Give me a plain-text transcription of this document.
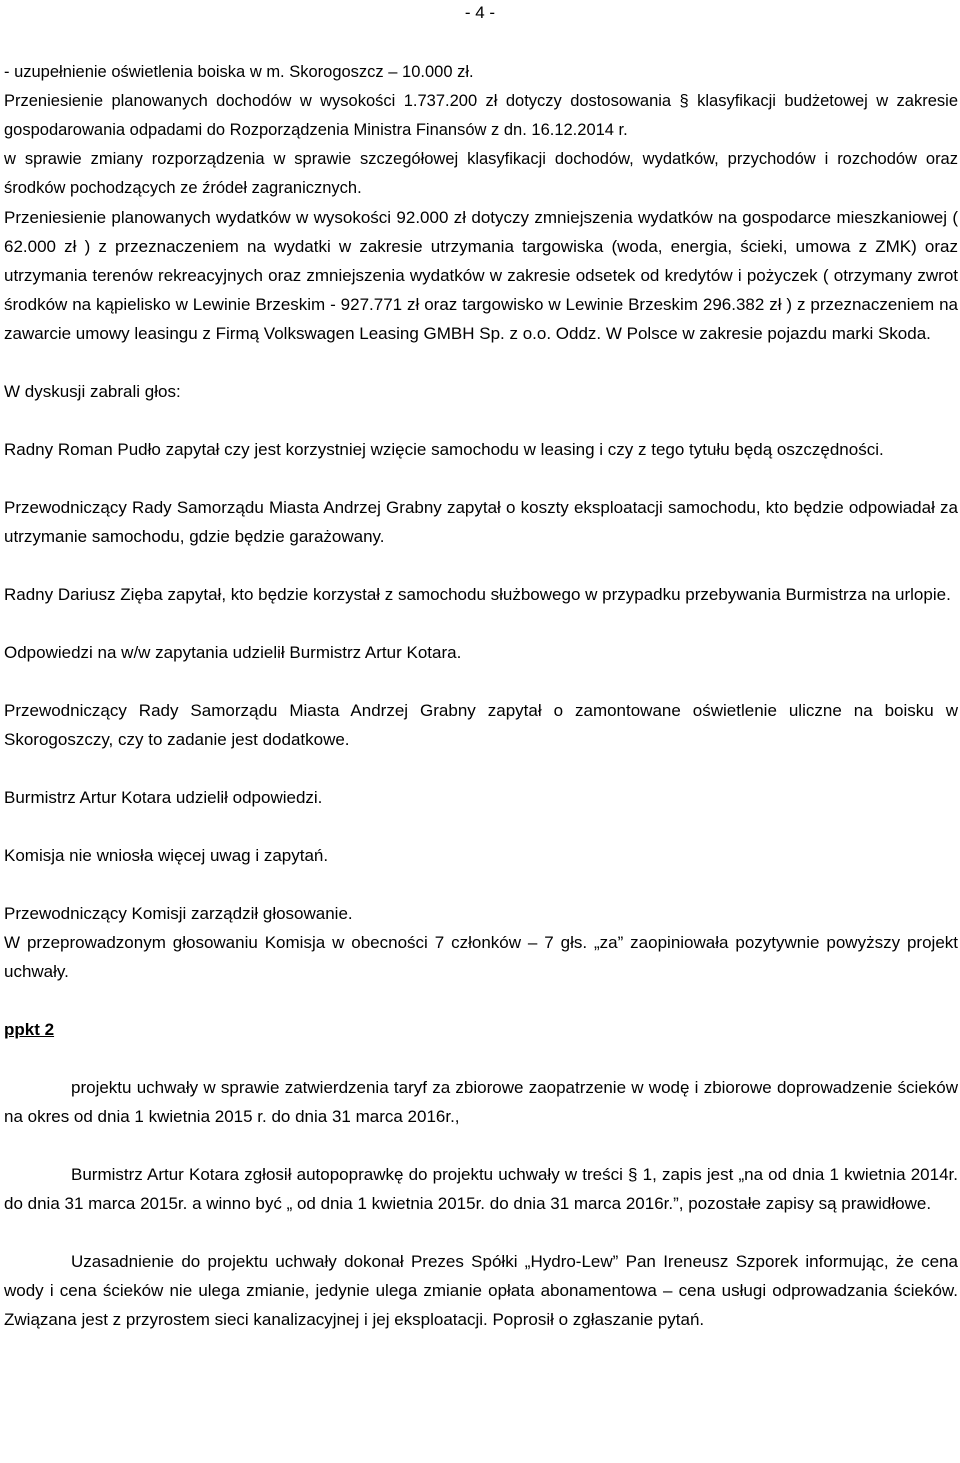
- 4 -

- uzupełnienie oświetlenia boiska w m. Skorogoszcz – 10.000 zł.

Przeniesienie planowanych dochodów w wysokości 1.737.200 zł dotyczy dostosowania § klasyfikacji budżetowej w zakresie gospodarowania odpadami do Rozporządzenia Ministra Finansów z dn. 16.12.2014 r.

w sprawie zmiany rozporządzenia w sprawie szczegółowej klasyfikacji dochodów, wydatków, przychodów i rozchodów oraz środków pochodzących ze źródeł zagranicznych.

Przeniesienie planowanych wydatków w wysokości 92.000 zł dotyczy zmniejszenia wydatków na gospodarce mieszkaniowej ( 62.000 zł ) z przeznaczeniem na wydatki w zakresie utrzymania targowiska (woda, energia, ścieki, umowa z ZMK) oraz utrzymania terenów rekreacyjnych oraz zmniejszenia wydatków w zakresie odsetek od kredytów i pożyczek ( otrzymany zwrot środków na kąpielisko w Lewinie Brzeskim - 927.771 zł oraz targowisko w Lewinie Brzeskim 296.382 zł ) z przeznaczeniem na zawarcie umowy leasingu z Firmą Volkswagen Leasing GMBH Sp. z o.o. Oddz. W Polsce w zakresie pojazdu marki Skoda.

W dyskusji zabrali głos:

Radny Roman Pudło zapytał czy jest korzystniej wzięcie samochodu w leasing i czy z tego tytułu będą oszczędności.

Przewodniczący Rady Samorządu Miasta Andrzej Grabny zapytał o koszty eksploatacji samochodu, kto będzie odpowiadał za utrzymanie samochodu, gdzie będzie garażowany.

Radny Dariusz Zięba zapytał, kto będzie korzystał z samochodu służbowego w przypadku przebywania Burmistrza na urlopie.

Odpowiedzi na w/w zapytania udzielił Burmistrz Artur Kotara.

Przewodniczący Rady Samorządu Miasta Andrzej Grabny zapytał o zamontowane oświetlenie uliczne na boisku w Skorogoszczy, czy to zadanie jest dodatkowe.

Burmistrz Artur Kotara udzielił odpowiedzi.

Komisja nie wniosła więcej uwag i zapytań.

Przewodniczący Komisji zarządził głosowanie.

W przeprowadzonym głosowaniu Komisja w obecności 7 członków – 7 głs. „za” zaopiniowała pozytywnie powyższy projekt uchwały.

ppkt 2

projektu uchwały w sprawie zatwierdzenia taryf za zbiorowe zaopatrzenie w wodę i zbiorowe doprowadzenie ścieków na okres od dnia 1 kwietnia 2015 r. do dnia 31 marca 2016r.,

Burmistrz Artur Kotara zgłosił autopoprawkę do projektu uchwały w treści § 1, zapis jest „na od dnia 1 kwietnia 2014r. do dnia 31 marca 2015r. a winno być „ od dnia 1 kwietnia 2015r. do dnia 31 marca 2016r.”, pozostałe zapisy są prawidłowe.

Uzasadnienie do projektu uchwały dokonał Prezes Spółki „Hydro-Lew” Pan Ireneusz Szporek informując, że cena wody i cena ścieków nie ulega zmianie, jedynie ulega zmianie opłata abonamentowa – cena usługi odprowadzania ścieków. Związana jest z przyrostem sieci kanalizacyjnej i jej eksploatacji. Poprosił o zgłaszanie pytań.
